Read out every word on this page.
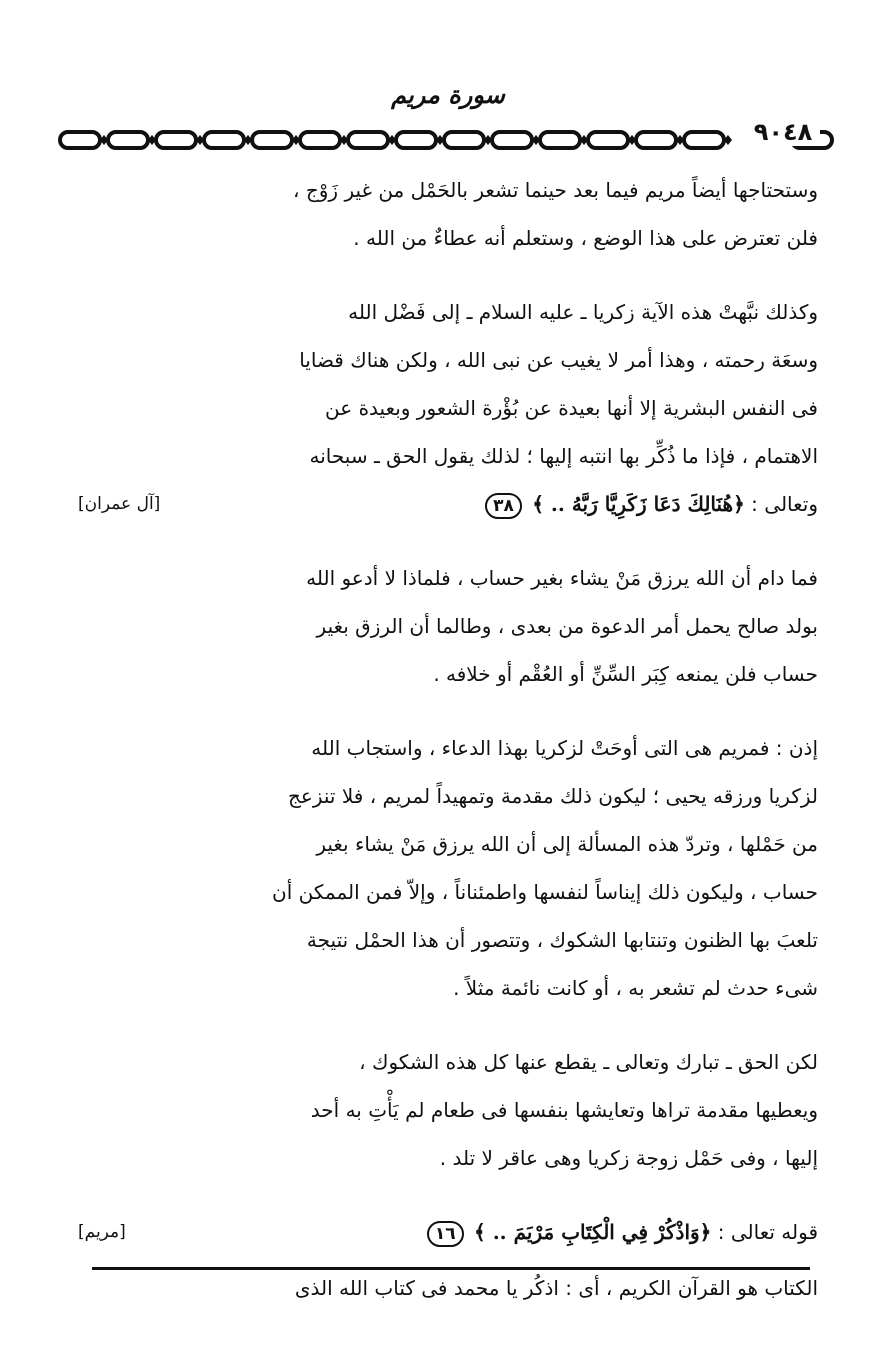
سورة مريم
٩٠٤٨

وستحتاجها أيضاً مريم فيما بعد حينما تشعر بالحَمْل من غير زَوْج ،
فلن تعترض على هذا الوضع ، وستعلم أنه عطاءٌ من الله .

وكذلك نبَّهتْ هذه الآية زكريا ـ عليه السلام ـ إلى فَضْل الله
وسعَة رحمته ، وهذا أمر لا يغيب عن نبى الله ، ولكن هناك قضايا
فى النفس البشرية إلا أنها بعيدة عن بُؤْرة الشعور وبعيدة عن
الاهتمام ، فإذا ما ذُكِّر بها انتبه إليها ؛ لذلك يقول الحق ـ سبحانه
وتعالى : ﴿هُنَالِكَ دَعَا زَكَرِيَّا رَبَّهُ .. ﴾ ٣٨
[آل عمران]

فما دام أن الله يرزق مَنْ يشاء بغير حساب ، فلماذا لا أدعو الله
بولد صالح يحمل أمر الدعوة من بعدى ، وطالما أن الرزق بغير
حساب فلن يمنعه كِبَر السِّنِّ أو العُقْم أو خلافه .

إذن : فمريم هى التى أوحَتْ لزكريا بهذا الدعاء ، واستجاب الله
لزكريا ورزقه يحيى ؛ ليكون ذلك مقدمة وتمهيداً لمريم ، فلا تنزعج
من حَمْلها ، وتردّ هذه المسألة إلى أن الله يرزق مَنْ يشاء بغير
حساب ، وليكون ذلك إيناساً لنفسها واطمئناناً ، وإلاّ فمن الممكن أن
تلعبَ بها الظنون وتنتابها الشكوك ، وتتصور أن هذا الحمْل نتيجة
شىء حدث لم تشعر به ، أو كانت نائمة مثلاً .

لكن الحق ـ تبارك وتعالى ـ يقطع عنها كل هذه الشكوك ،
ويعطيها مقدمة تراها وتعايشها بنفسها فى طعام لم يَأْتِ به أحد
إليها ، وفى حَمْل زوجة زكريا وهى عاقر لا تلد .

قوله تعالى : ﴿وَاذْكُرْ فِي الْكِتَابِ مَرْيَمَ .. ﴾ ١٦
[مريم]

الكتاب هو القرآن الكريم ، أى : اذكُر يا محمد فى كتاب الله الذى
